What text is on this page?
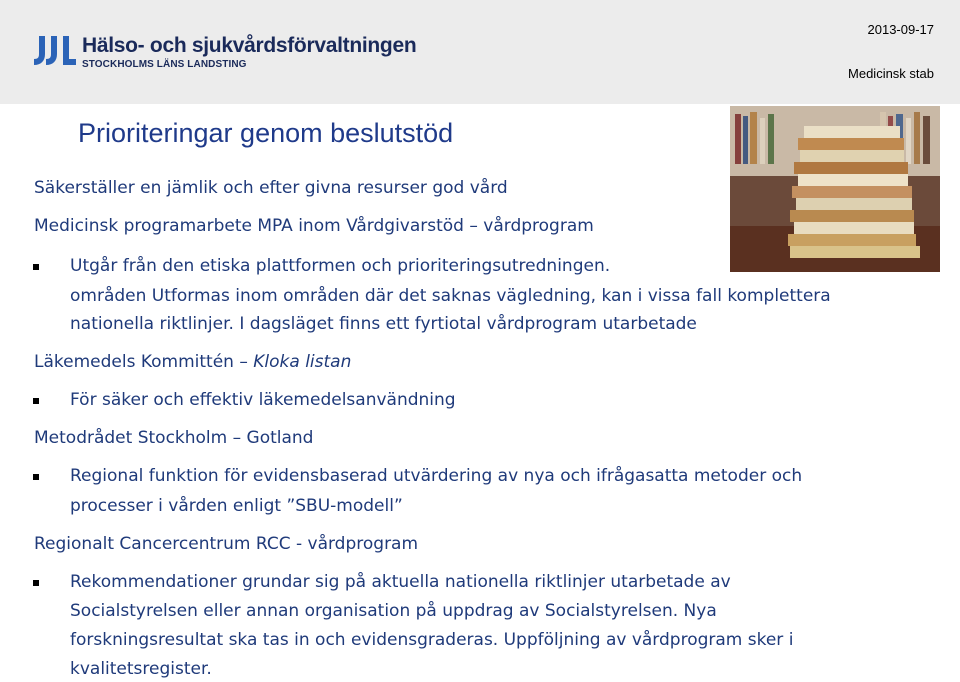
Hälso- och sjukvårdsförvaltningen
STOCKHOLMS LÄNS LANDSTING
2013-09-17
Medicinsk stab
Prioriteringar genom beslutstöd
Säkerställer en jämlik och efter givna resurser god vård
Medicinsk programarbete MPA inom Vårdgivarstöd – vårdprogram
Utgår från den etiska plattformen och prioriteringsutredningen.
områden Utformas inom områden där det saknas vägledning, kan i vissa fall komplettera
nationella riktlinjer. I dagsläget finns ett fyrtiotal vårdprogram utarbetade
Läkemedels Kommittén – Kloka listan
För säker och effektiv läkemedelsanvändning
Metodrådet Stockholm – Gotland
Regional funktion för evidensbaserad utvärdering av nya och ifrågasatta metoder och
processer i vården enligt ”SBU-modell”
Regionalt Cancercentrum RCC - vårdprogram
Rekommendationer grundar sig på aktuella nationella riktlinjer utarbetade av
Socialstyrelsen eller annan organisation på uppdrag av Socialstyrelsen. Nya
forskningsresultat ska tas in och evidensgraderas. Uppföljning av vårdprogram sker i
kvalitetsregister.
